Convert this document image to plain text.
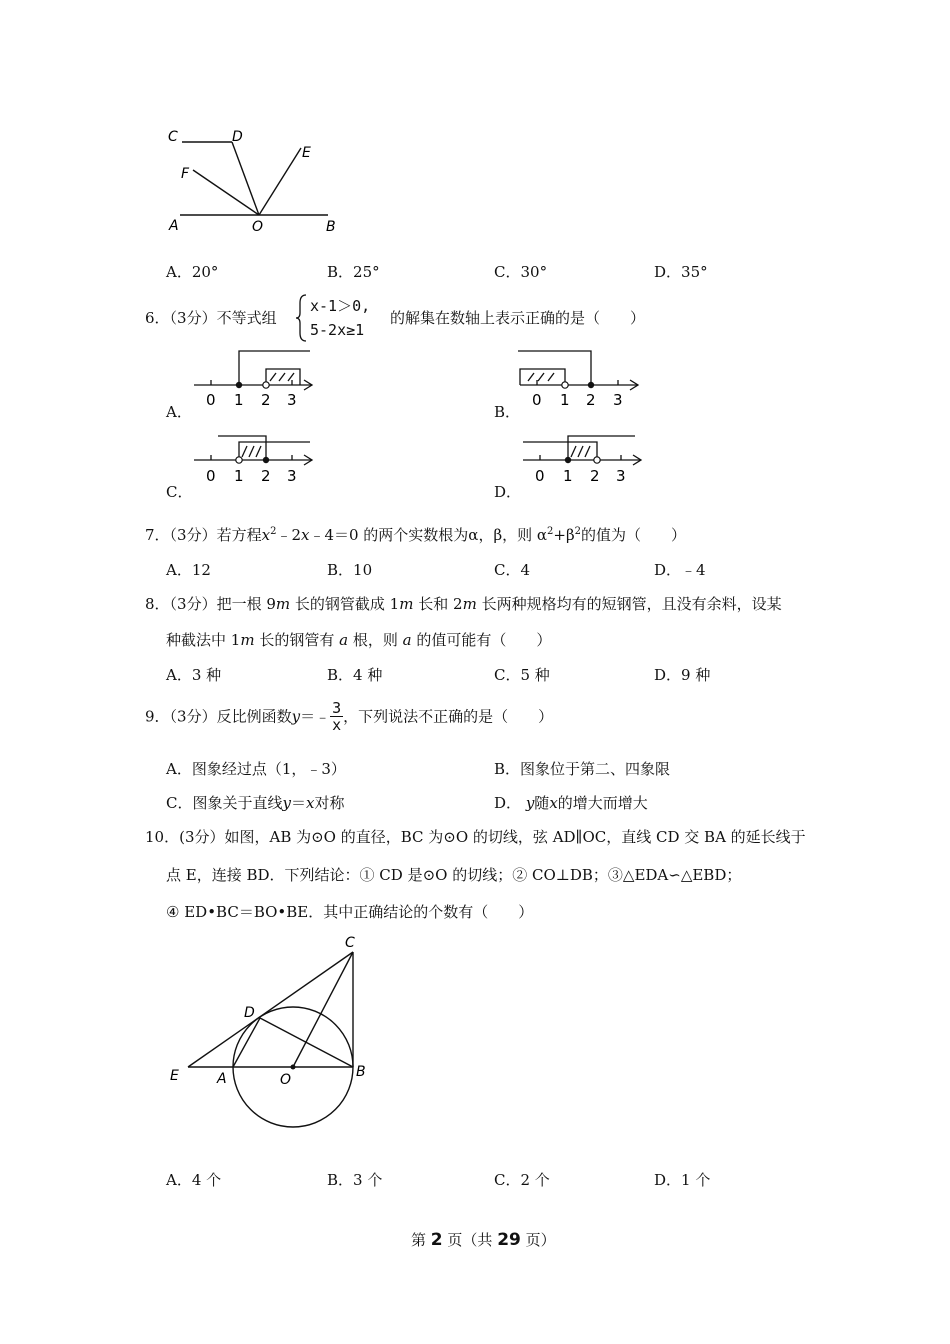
C	D
E
F
A	O	B
A．20°	B．25°	C．30°	D．35°
6．（3分）不等式组
x-1＞0,
5-2x≥1
的解集在数轴上表示正确的是（　　）
A．
0 1 2 3
B．
0 1 2 3
C．
0 1 2 3
D．
0 1 2 3
7．（3分）若方程$x^2﹣2x﹣4=0$ 的两个实数根为α，β，则 $\alpha^2+\beta^2$的值为（　　）
A．12	B．10	C．4	D．﹣4
8．（3分）把一根 9m 长的钢管截成 1m 长和 2m 长两种规格均有的短钢管，且没有余料，设某
种截法中 1m 长的钢管有 a 根，则 a 的值可能有（　　）
A．3 种	B．4 种	C．5 种	D．9 种
9．（3分）反比例函数y＝﹣ $\frac{3}{x}$ ，下列说法不正确的是（　　）
A．图象经过点（1，﹣3）	B．图象位于第二、四象限
C．图象关于直线y＝x对称	D． y随x的增大而增大
10．(3分）如图，AB 为⊙O 的直径，BC 为⊙O 的切线，弦 AD∥OC，直线 CD 交 BA 的延长线于
点 E，连接 BD．下列结论：① CD 是⊙O 的切线；② CO⊥DB；③△EDA∽△EBD；
④ ED•BC＝BO•BE．其中正确结论的个数有（　　）
C
D
E	A	O	B
A．4 个	B．3 个	C．2 个	D．1 个
第 2 页（共 29 页）
